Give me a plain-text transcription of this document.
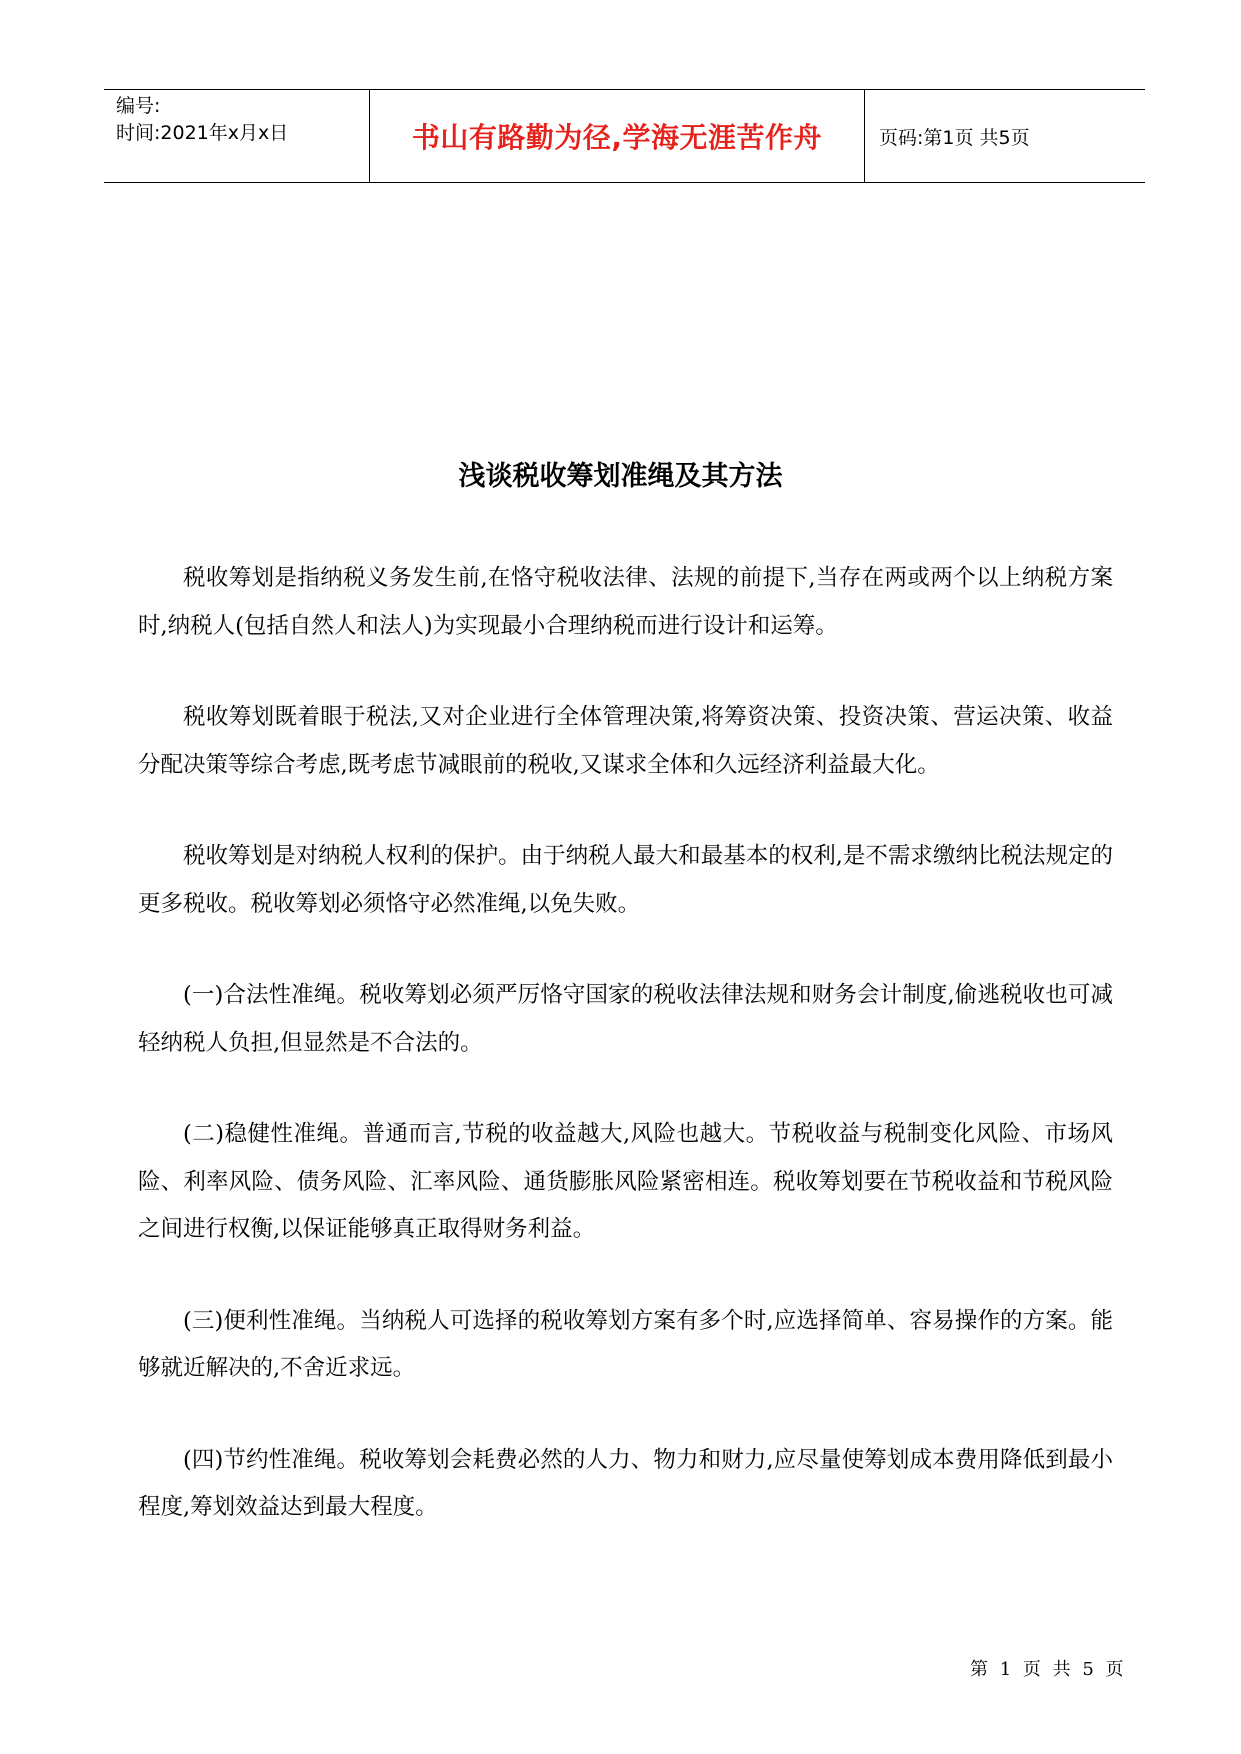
编号:
时间:2021年x月x日	书山有路勤为径,学海无涯苦作舟	页码:第1页 共5页
浅谈税收筹划准绳及其方法

税收筹划是指纳税义务发生前,在恪守税收法律、法规的前提下,当存在两或两个以上纳税方案时,纳税人(包括自然人和法人)为实现最小合理纳税而进行设计和运筹。

税收筹划既着眼于税法,又对企业进行全体管理决策,将筹资决策、投资决策、营运决策、收益分配决策等综合考虑,既考虑节减眼前的税收,又谋求全体和久远经济利益最大化。

税收筹划是对纳税人权利的保护。由于纳税人最大和最基本的权利,是不需求缴纳比税法规定的更多税收。税收筹划必须恪守必然准绳,以免失败。

(一)合法性准绳。税收筹划必须严厉恪守国家的税收法律法规和财务会计制度,偷逃税收也可减轻纳税人负担,但显然是不合法的。

(二)稳健性准绳。普通而言,节税的收益越大,风险也越大。节税收益与税制变化风险、市场风险、利率风险、债务风险、汇率风险、通货膨胀风险紧密相连。税收筹划要在节税收益和节税风险之间进行权衡,以保证能够真正取得财务利益。

(三)便利性准绳。当纳税人可选择的税收筹划方案有多个时,应选择简单、容易操作的方案。能够就近解决的,不舍近求远。

(四)节约性准绳。税收筹划会耗费必然的人力、物力和财力,应尽量使筹划成本费用降低到最小程度,筹划效益达到最大程度。

第 1 页 共 5 页
